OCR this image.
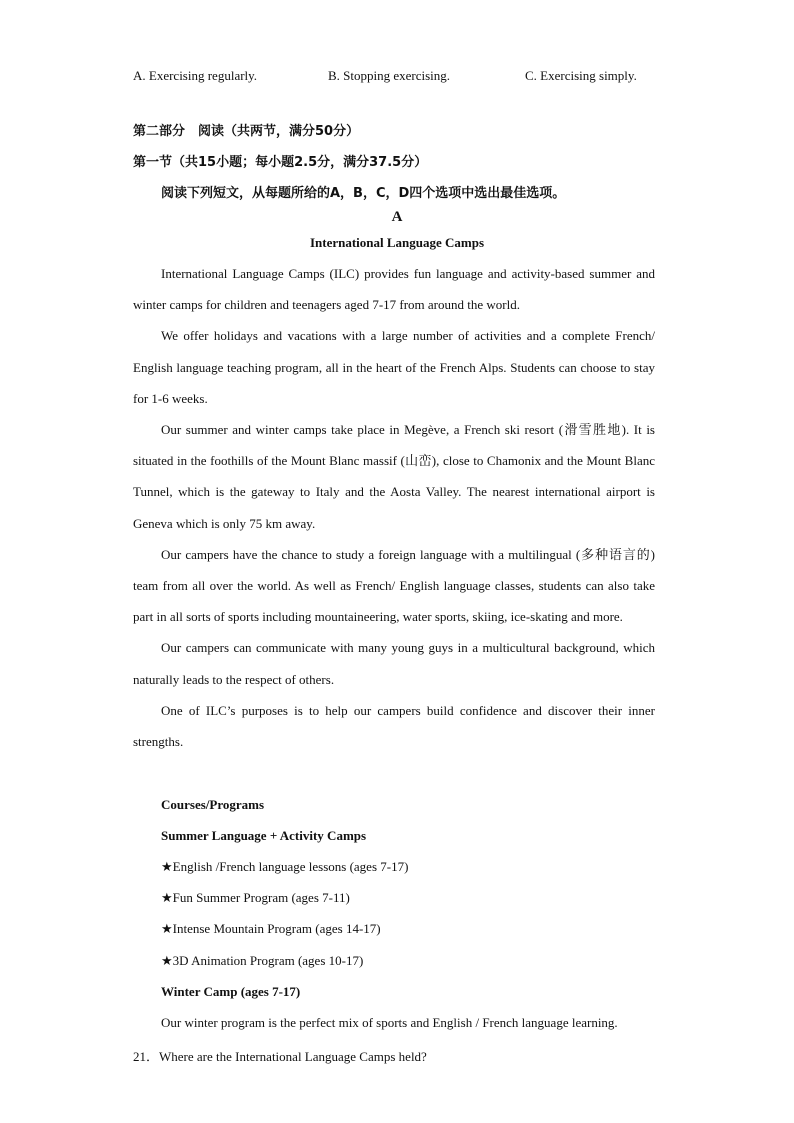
A. Exercising regularly.	B. Stopping exercising.	C. Exercising simply.
第二部分　阅读（共两节，满分50分）
第一节（共15小题；每小题2.5分，满分37.5分）
阅读下列短文，从每题所给的A，B，C，D四个选项中选出最佳选项。
A
International Language Camps

International Language Camps (ILC) provides fun language and activity-based summer and winter camps for children and teenagers aged 7-17 from around the world.

We offer holidays and vacations with a large number of activities and a complete French/ English language teaching program, all in the heart of the French Alps. Students can choose to stay for 1-6 weeks.

Our summer and winter camps take place in Megève, a French ski resort (滑雪胜地). It is situated in the foothills of the Mount Blanc massif (山峦), close to Chamonix and the Mount Blanc Tunnel, which is the gateway to Italy and the Aosta Valley. The nearest international airport is Geneva which is only 75 km away.

Our campers have the chance to study a foreign language with a multilingual (多种语言的) team from all over the world. As well as French/ English language classes, students can also take part in all sorts of sports including mountaineering, water sports, skiing, ice-skating and more.

Our campers can communicate with many young guys in a multicultural background, which naturally leads to the respect of others.

One of ILC’s purposes is to help our campers build confidence and discover their inner strengths.

Courses/Programs
Summer Language + Activity Camps
★English /French language lessons (ages 7-17)
★Fun Summer Program (ages 7-11)
★Intense Mountain Program (ages 14-17)
★3D Animation Program (ages 10-17)
Winter Camp (ages 7-17)
Our winter program is the perfect mix of sports and English / French language learning.
21．Where are the International Language Camps held?
